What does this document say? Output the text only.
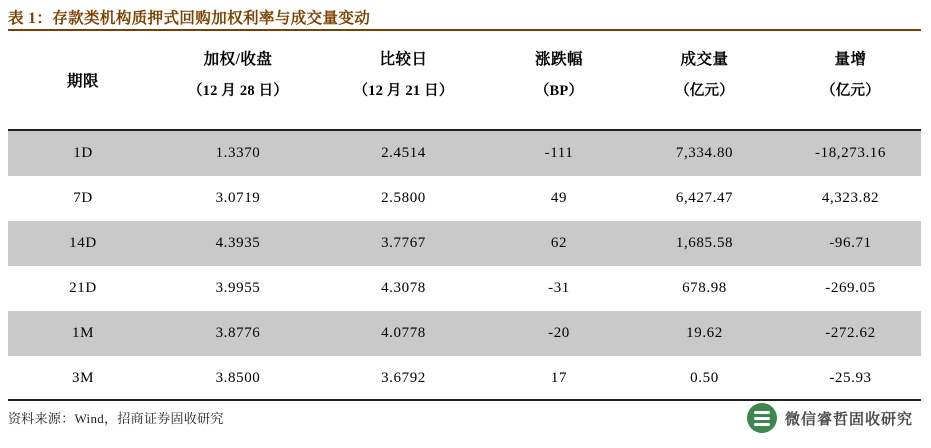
表 1：存款类机构质押式回购加权利率与成交量变动
期限	加权/收盘	比较日	涨跌幅	成交量	量增
	（12 月 28 日）	（12 月 21 日）	（BP）	（亿元）	（亿元）
1D	1.3370	2.4514	-111	7,334.80	-18,273.16
7D	3.0719	2.5800	49	6,427.47	4,323.82
14D	4.3935	3.7767	62	1,685.58	-96.71
21D	3.9955	4.3078	-31	678.98	-269.05
1M	3.8776	4.0778	-20	19.62	-272.62
3M	3.8500	3.6792	17	0.50	-25.93
资料来源：Wind，招商证券固收研究	微信睿哲固收研究
